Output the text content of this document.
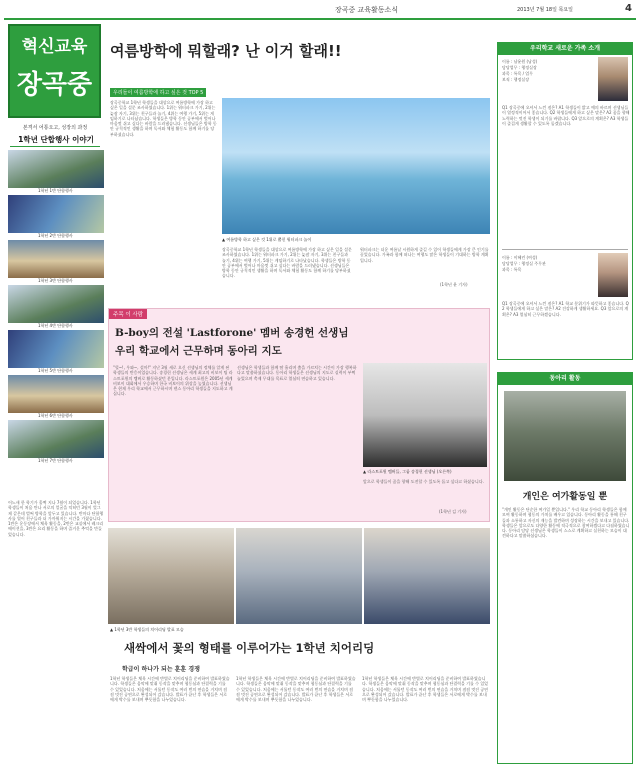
장곡중 교육활동소식	2013년 7월 18일 목요일	4
혁신교육
장곡중
본격서 어통오고, 성장의 과정
1학년 단합행사 이야기
1학년 1반 단합행사
1학년 2반 단합행사
1학년 3반 단합행사
1학년 4반 단합행사
1학년 5반 단합행사
1학년 6반 단합행사
1학년 7반 단합행사
어느새 한 학기가 훌쩍 지나 7월이 되었습니다. 1학년 학생들이 처음 만나 서로의 얼굴을 익히던 3월이 엊그제 같은데 벌써 방학을 앞두고 있습니다. 반마다 단합행사를 열어 친구들과 더 가까워지는 시간을 가졌습니다. 1반은 운동장에서 체육 활동을, 2반은 교실에서 레크리에이션을, 3반은 요리 활동을 하며 즐거운 추억을 만들었습니다.
여름방학에 뭐할래? 난 이거 할래!!
우리들이 여름방학에 하고 싶은 것 TOP 5
장곡중학교 1학년 학생들을 대상으로 여름방학에 가장 하고 싶은 일을 설문 조사하였습니다. 1위는 워터파크 가기, 2위는 늦잠 자기, 3위는 친구들과 놀기, 4위는 여행 가기, 5위는 게임하기로 나타났습니다. 학생들은 방학 동안 공부에서 벗어나 마음껏 쉬고 싶다는 바람을 드러냈습니다. 선생님들은 방학 동안 규칙적인 생활을 하며 독서와 체험 활동도 함께 하기를 당부하셨습니다.
▲ 여름방학 하고 싶은 것 1위로 뽑힌 워터파크 놀이
장곡중학교 1학년 학생들을 대상으로 여름방학에 가장 하고 싶은 일을 설문 조사하였습니다. 1위는 워터파크 가기, 2위는 늦잠 자기, 3위는 친구들과 놀기, 4위는 여행 가기, 5위는 게임하기로 나타났습니다. 학생들은 방학 동안 공부에서 벗어나 마음껏 쉬고 싶다는 바람을 드러냈습니다. 선생님들은 방학 동안 규칙적인 생활을 하며 독서와 체험 활동도 함께 하기를 당부하셨습니다.
워터파크는 더운 여름날 시원하게 즐길 수 있어 학생들에게 가장 큰 인기를 끌었습니다. 가족과 함께 떠나는 여행도 많은 학생들이 기대하는 방학 계획입니다.
(1학년 윤 기자)
우리학교 새로운 가족 소개
이름 : 남윤원 (남성)
담당업무 : 행정실장
과목 : 특목 / 업무
보직 : 행정실장
Q1 장곡중에 오셔서 느낀 점은? A1 학생들이 밝고 예의 바르며 선생님들이 열정적이어서 좋습니다. Q2 학생들에게 하고 싶은 말은? A2 꿈을 향해 노력하는 멋진 학생이 되기를 바랍니다. Q3 앞으로의 계획은? A3 학생들이 즐겁게 생활할 수 있도록 돕겠습니다.
이름 : 이혜린 (여성)
담당업무 : 행정실 주무관
과목 : 특목
Q1 장곡중에 오셔서 느낀 점은? A1 학교 분위기가 따뜻하고 좋습니다. Q2 학생들에게 하고 싶은 말은? A2 건강하게 생활하세요. Q3 앞으로의 계획은? A3 열심히 근무하겠습니다.
주목 이 사람
B-boy의 전설 'Lastforone' 멤버 송경헌 선생님
우리 학교에서 근무하며 동아리 지도
"헐~!, 우와~, 설마!" 지난 3월 새로 오신 선생님의 정체를 알게 된 학생들의 반응이었습니다. 송경헌 선생님은 세계 최고의 비보이 팀 라스트포원의 멤버로 활동하셨던 분입니다. 라스트포원은 2005년 세계 비보이 대회에서 우승하며 한국 비보이의 위상을 높였습니다. 선생님은 현재 우리 학교에서 근무하시며 댄스 동아리 학생들을 지도하고 계십니다.
선생님은 학생들과 함께 땀 흘리며 춤을 가르치는 시간이 가장 행복하다고 말씀하셨습니다. 동아리 학생들은 선생님의 지도로 실력이 부쩍 늘었으며 축제 무대를 목표로 열심히 연습하고 있습니다.
▲ 라스트포원 멤버들, 그룹 송경헌 선생님 (오른쪽)
앞으로 학생들이 꿈을 향해 도전할 수 있도록 돕고 싶다고 하셨습니다.
(1학년 김 기자)
▲ 1학년 3반 학생들의 치어리딩 발표 모습
새싹에서 꽃의 형태를 이루어가는 1학년 치어리딩
학급이 하나가 되는 훈훈 경쟁
1학년 학생들은 체육 시간에 반별로 치어리딩을 준비하여 발표하였습니다. 학생들은 음악에 맞춰 동작을 맞추며 협동심과 단결력을 기를 수 있었습니다. 처음에는 서툴던 동작도 여러 번의 연습을 거치며 점점 멋진 공연으로 완성되어 갔습니다. 발표가 끝난 후 학생들은 서로에게 박수를 보내며 뿌듯함을 나누었습니다.
1학년 학생들은 체육 시간에 반별로 치어리딩을 준비하여 발표하였습니다. 학생들은 음악에 맞춰 동작을 맞추며 협동심과 단결력을 기를 수 있었습니다. 처음에는 서툴던 동작도 여러 번의 연습을 거치며 점점 멋진 공연으로 완성되어 갔습니다. 발표가 끝난 후 학생들은 서로에게 박수를 보내며 뿌듯함을 나누었습니다.
1학년 학생들은 체육 시간에 반별로 치어리딩을 준비하여 발표하였습니다. 학생들은 음악에 맞춰 동작을 맞추며 협동심과 단결력을 기를 수 있었습니다. 처음에는 서툴던 동작도 여러 번의 연습을 거치며 점점 멋진 공연으로 완성되어 갔습니다. 발표가 끝난 후 학생들은 서로에게 박수를 보내며 뿌듯함을 나누었습니다.
동아리 활동
개인은 여가활동일 뿐
"개인 활동은 단순한 여가일 뿐입니다." 우리 학교 동아리 학생들은 함께 모여 활동하며 협동의 가치를 배우고 있습니다. 동아리 활동을 통해 친구들과 소통하고 자신의 재능을 발견하며 성장하는 시간을 보내고 있습니다. 학생들은 앞으로도 다양한 활동에 적극적으로 참여하겠다고 다짐하였습니다. 동아리 담당 선생님은 학생들이 스스로 계획하고 실천하는 모습이 대견하다고 말씀하셨습니다.
